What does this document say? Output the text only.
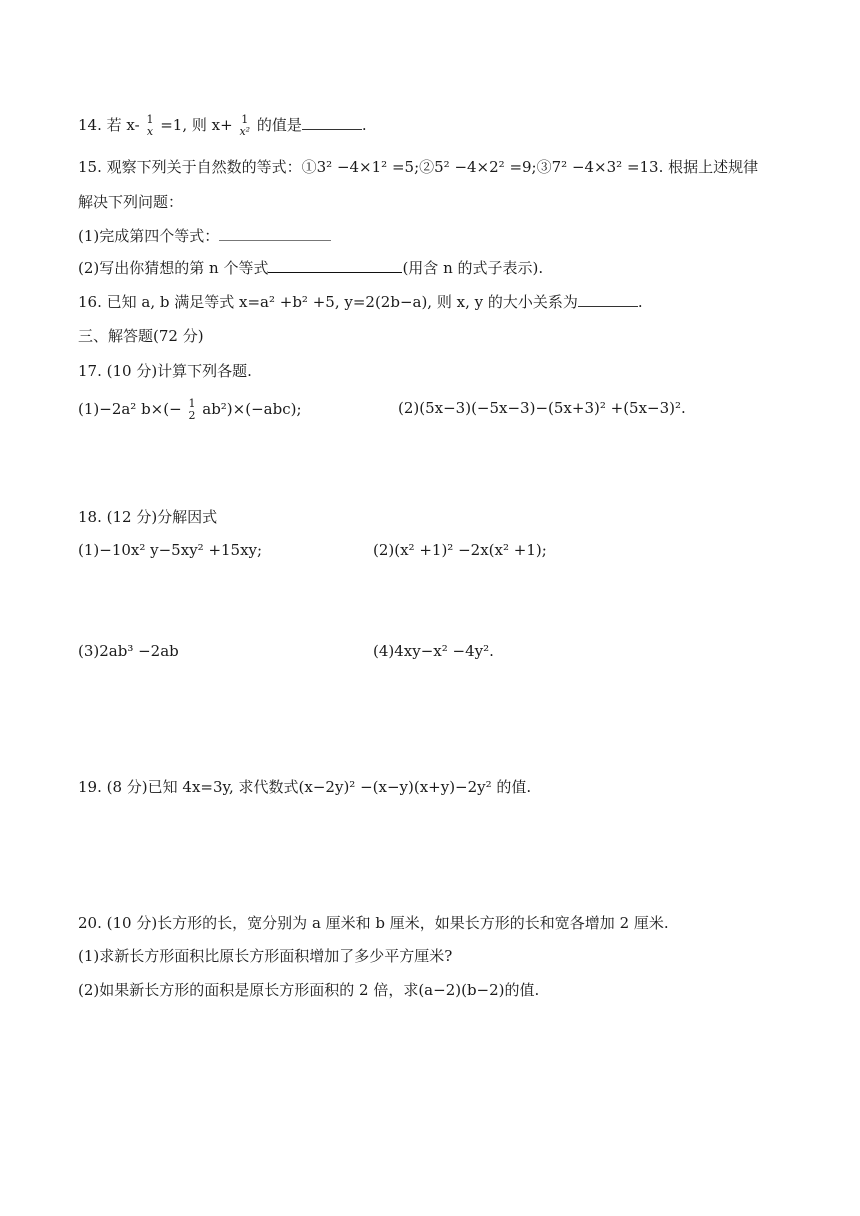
14. 若 x- 1
x =1, 则 x+ 1
x² 的值是	.
15. 观察下列关于自然数的等式：①3² −4×1² =5;②5² −4×2² =9;③7² −4×3² =13. 根据上述规律
解决下列问题：
(1)完成第四个等式：
(2)写出你猜想的第 n 个等式	(用含 n 的式子表示).
16. 已知 a, b 满足等式 x=a² +b² +5, y=2(2b−a), 则 x, y 的大小关系为	.
三、解答题(72 分)
17. (10 分)计算下列各题.
(1)−2a² b×(− 1
2 ab²)×(−abc);	(2)(5x−3)(−5x−3)−(5x+3)² +(5x−3)².
18. (12 分)分解因式
(1)−10x² y−5xy² +15xy;	(2)(x² +1)² −2x(x² +1);
(3)2ab³ −2ab	(4)4xy−x² −4y².
19. (8 分)已知 4x=3y, 求代数式(x−2y)² −(x−y)(x+y)−2y² 的值.
20. (10 分)长方形的长，宽分别为 a 厘米和 b 厘米，如果长方形的长和宽各增加 2 厘米.
(1)求新长方形面积比原长方形面积增加了多少平方厘米?
(2)如果新长方形的面积是原长方形面积的 2 倍，求(a−2)(b−2)的值.
